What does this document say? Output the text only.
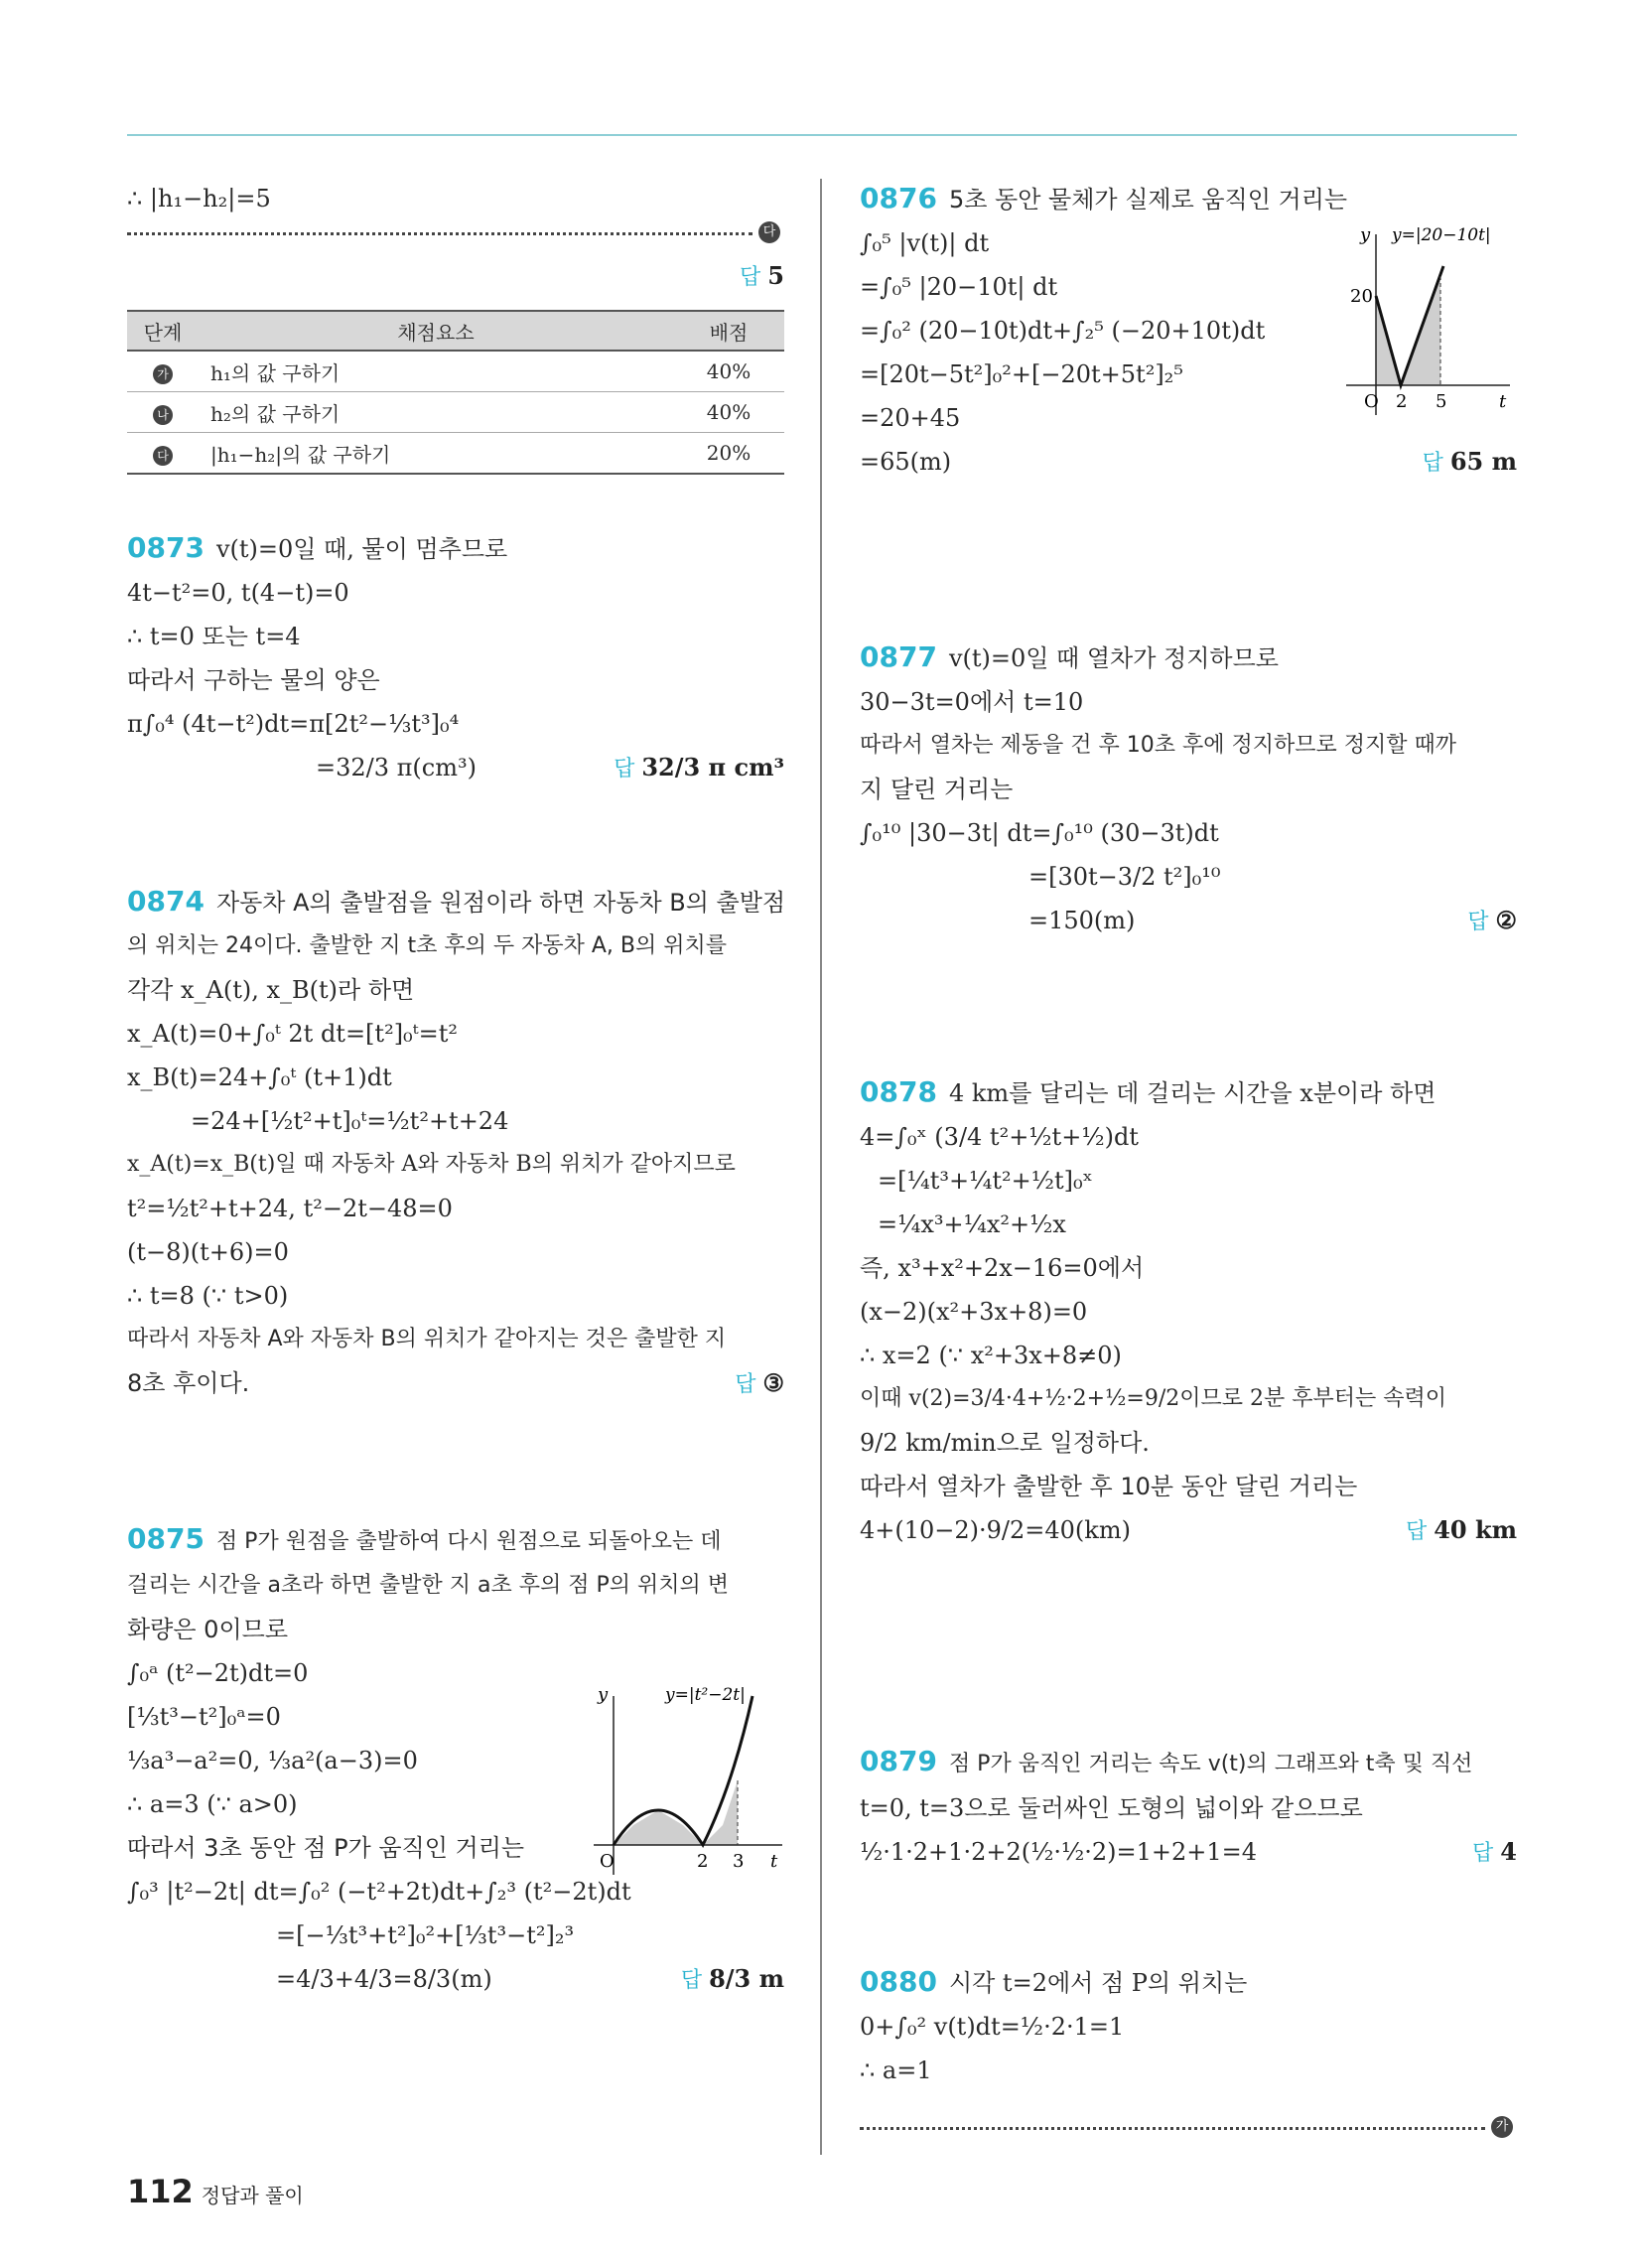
∴ |h₁−h₂|=5
다
답 5
단계	채점요소	배점
가	h₁의 값 구하기	40%
나	h₂의 값 구하기	40%
다	|h₁−h₂|의 값 구하기	20%
0873 v(t)=0일 때, 물이 멈추므로
4t−t²=0, t(4−t)=0
∴ t=0 또는 t=4
따라서 구하는 물의 양은
π∫₀⁴ (4t−t²)dt=π[2t²−⅓t³]₀⁴
=32/3 π(cm³)	답 32/3 π cm³
0874 자동차 A의 출발점을 원점이라 하면 자동차 B의 출발점
의 위치는 24이다. 출발한 지 t초 후의 두 자동차 A, B의 위치를
각각 x_A(t), x_B(t)라 하면
x_A(t)=0+∫₀ᵗ 2t dt=[t²]₀ᵗ=t²
x_B(t)=24+∫₀ᵗ (t+1)dt
=24+[½t²+t]₀ᵗ=½t²+t+24
x_A(t)=x_B(t)일 때 자동차 A와 자동차 B의 위치가 같아지므로
t²=½t²+t+24, t²−2t−48=0
(t−8)(t+6)=0
∴ t=8 (∵ t>0)
따라서 자동차 A와 자동차 B의 위치가 같아지는 것은 출발한 지
8초 후이다.	답 ③
0875 점 P가 원점을 출발하여 다시 원점으로 되돌아오는 데
걸리는 시간을 a초라 하면 출발한 지 a초 후의 점 P의 위치의 변
화량은 0이므로
∫₀ᵃ (t²−2t)dt=0
[⅓t³−t²]₀ᵃ=0
⅓a³−a²=0, ⅓a²(a−3)=0
∴ a=3 (∵ a>0)
따라서 3초 동안 점 P가 움직인 거리는
∫₀³ |t²−2t| dt=∫₀² (−t²+2t)dt+∫₂³ (t²−2t)dt
=[−⅓t³+t²]₀²+[⅓t³−t²]₂³
=4/3+4/3=8/3(m)	답 8/3 m
O	2 3 t
y	y=|t²−2t|
0876 5초 동안 물체가 실제로 움직인 거리는
∫₀⁵ |v(t)| dt
=∫₀⁵ |20−10t| dt
=∫₀² (20−10t)dt+∫₂⁵ (−20+10t)dt
=[20t−5t²]₀²+[−20t+5t²]₂⁵
=20+45
=65(m)	답 65 m
O 2 5	t
20
y y=|20−10t|
0877 v(t)=0일 때 열차가 정지하므로
30−3t=0에서 t=10
따라서 열차는 제동을 건 후 10초 후에 정지하므로 정지할 때까
지 달린 거리는
∫₀¹⁰ |30−3t| dt=∫₀¹⁰ (30−3t)dt
=[30t−3/2 t²]₀¹⁰
=150(m)	답 ②
0878 4 km를 달리는 데 걸리는 시간을 x분이라 하면
4=∫₀ˣ (3/4 t²+½t+½)dt
=[¼t³+¼t²+½t]₀ˣ
=¼x³+¼x²+½x
즉, x³+x²+2x−16=0에서
(x−2)(x²+3x+8)=0
∴ x=2 (∵ x²+3x+8≠0)
이때 v(2)=3/4·4+½·2+½=9/2이므로 2분 후부터는 속력이
9/2 km/min으로 일정하다.
따라서 열차가 출발한 후 10분 동안 달린 거리는
4+(10−2)·9/2=40(km)	답 40 km
0879 점 P가 움직인 거리는 속도 v(t)의 그래프와 t축 및 직선
t=0, t=3으로 둘러싸인 도형의 넓이와 같으므로
½·1·2+1·2+2(½·½·2)=1+2+1=4	답 4
0880 시각 t=2에서 점 P의 위치는
0+∫₀² v(t)dt=½·2·1=1
∴ a=1
가
112 정답과 풀이
